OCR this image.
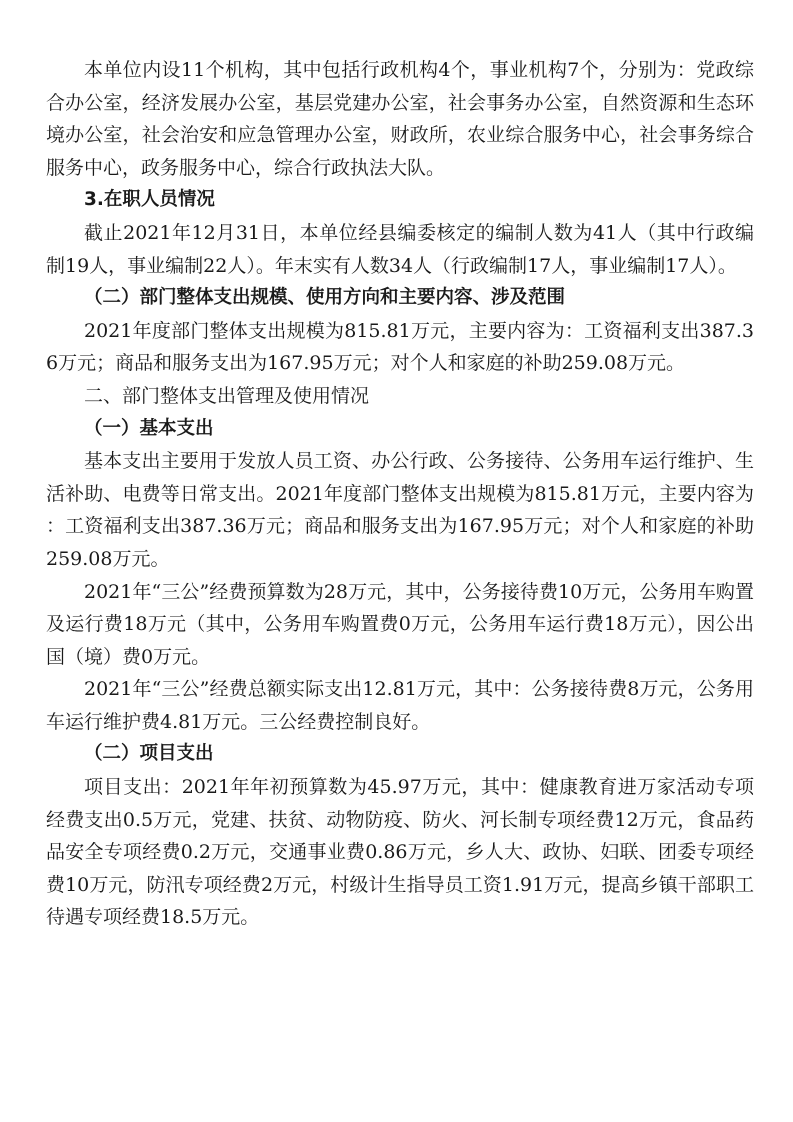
本单位内设11个机构，其中包括行政机构4个，事业机构7个，分别为：党政综合办公室，经济发展办公室，基层党建办公室，社会事务办公室，自然资源和生态环境办公室，社会治安和应急管理办公室，财政所，农业综合服务中心，社会事务综合服务中心，政务服务中心，综合行政执法大队。

3.在职人员情况

截止2021年12月31日，本单位经县编委核定的编制人数为41人（其中行政编制19人，事业编制22人）。年末实有人数34人（行政编制17人，事业编制17人）。

（二）部门整体支出规模、使用方向和主要内容、涉及范围

2021年度部门整体支出规模为815.81万元，主要内容为：工资福利支出387.36万元；商品和服务支出为167.95万元；对个人和家庭的补助259.08万元。

二、部门整体支出管理及使用情况

（一）基本支出

基本支出主要用于发放人员工资、办公行政、公务接待、公务用车运行维护、生活补助、电费等日常支出。2021年度部门整体支出规模为815.81万元，主要内容为：工资福利支出387.36万元；商品和服务支出为167.95万元；对个人和家庭的补助259.08万元。

2021年“三公”经费预算数为28万元，其中，公务接待费10万元，公务用车购置及运行费18万元（其中，公务用车购置费0万元，公务用车运行费18万元），因公出国（境）费0万元。

2021年“三公”经费总额实际支出12.81万元，其中：公务接待费8万元，公务用车运行维护费4.81万元。三公经费控制良好。

（二）项目支出

项目支出：2021年年初预算数为45.97万元，其中：健康教育进万家活动专项经费支出0.5万元，党建、扶贫、动物防疫、防火、河长制专项经费12万元，食品药品安全专项经费0.2万元，交通事业费0.86万元，乡人大、政协、妇联、团委专项经费10万元，防汛专项经费2万元，村级计生指导员工资1.91万元，提高乡镇干部职工待遇专项经费18.5万元。
